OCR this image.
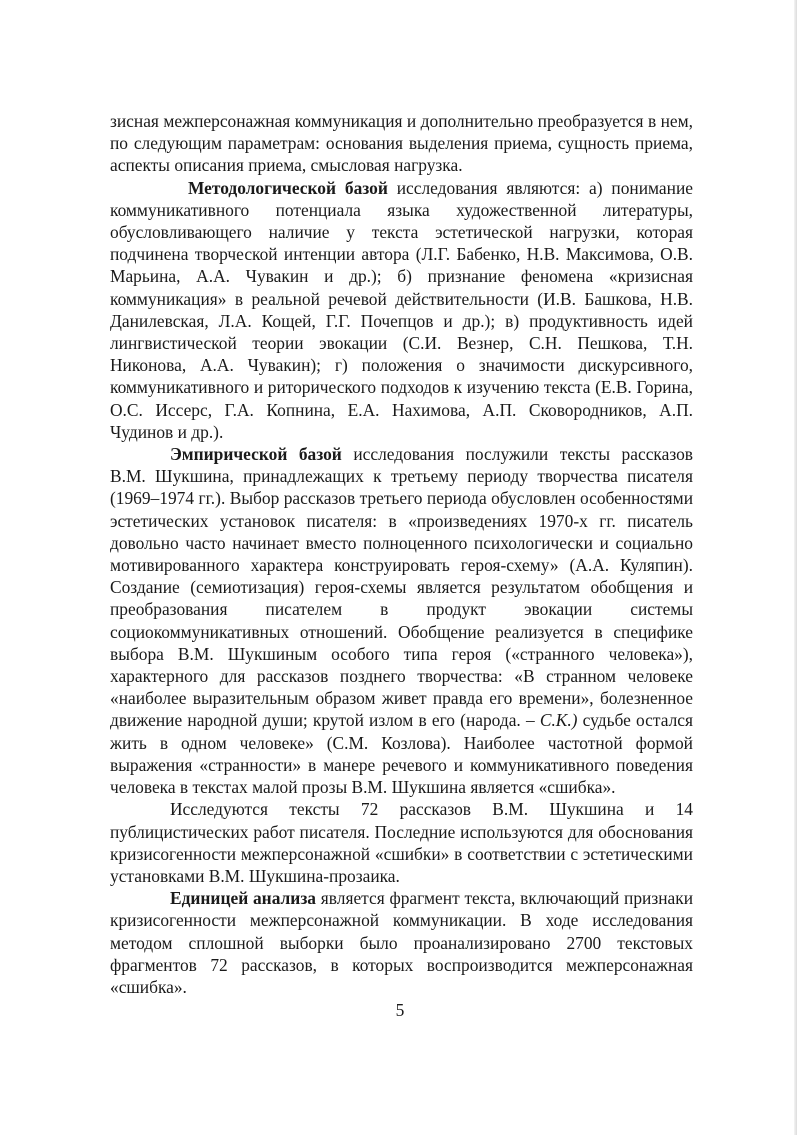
зисная межперсонажная коммуникация и дополнительно преобразуется в нем, по следующим параметрам: основания выделения приема, сущность приема, аспекты описания приема, смысловая нагрузка.

Методологической базой исследования являются: а) понимание коммуникативного потенциала языка художественной литературы, обусловливающего наличие у текста эстетической нагрузки, которая подчинена творческой интенции автора (Л.Г. Бабенко, Н.В. Максимова, О.В. Марьина, А.А. Чувакин и др.); б) признание феномена «кризисная коммуникация» в реальной речевой действительности (И.В. Башкова, Н.В. Данилевская, Л.А. Кощей, Г.Г. Почепцов и др.); в) продуктивность идей лингвистической теории эвокации (С.И. Везнер, С.Н. Пешкова, Т.Н. Никонова, А.А. Чувакин); г) положения о значимости дискурсивного, коммуникативного и риторического подходов к изучению текста (Е.В. Горина, О.С. Иссерс, Г.А. Копнина, Е.А. Нахимова, А.П. Сковородников, А.П. Чудинов и др.).

Эмпирической базой исследования послужили тексты рассказов В.М. Шукшина, принадлежащих к третьему периоду творчества писателя (1969–1974 гг.). Выбор рассказов третьего периода обусловлен особенностями эстетических установок писателя: в «произведениях 1970-х гг. писатель довольно часто начинает вместо полноценного психологически и социально мотивированного характера конструировать героя-схему» (А.А. Куляпин). Создание (семиотизация) героя-схемы является результатом обобщения и преобразования писателем в продукт эвокации системы социокоммуникативных отношений. Обобщение реализуется в специфике выбора В.М. Шукшиным особого типа героя («странного человека»), характерного для рассказов позднего творчества: «В странном человеке «наиболее выразительным образом живет правда его времени», болезненное движение народной души; крутой излом в его (народа. – С.К.) судьбе остался жить в одном человеке» (С.М. Козлова). Наиболее частотной формой выражения «странности» в манере речевого и коммуникативного поведения человека в текстах малой прозы В.М. Шукшина является «сшибка».

Исследуются тексты 72 рассказов В.М. Шукшина и 14 публицистических работ писателя. Последние используются для обоснования кризисогенности межперсонажной «сшибки» в соответствии с эстетическими установками В.М. Шукшина-прозаика.

Единицей анализа является фрагмент текста, включающий признаки кризисогенности межперсонажной коммуникации. В ходе исследования методом сплошной выборки было проанализировано 2700 текстовых фрагментов 72 рассказов, в которых воспроизводится межперсонажная «сшибка».

5
